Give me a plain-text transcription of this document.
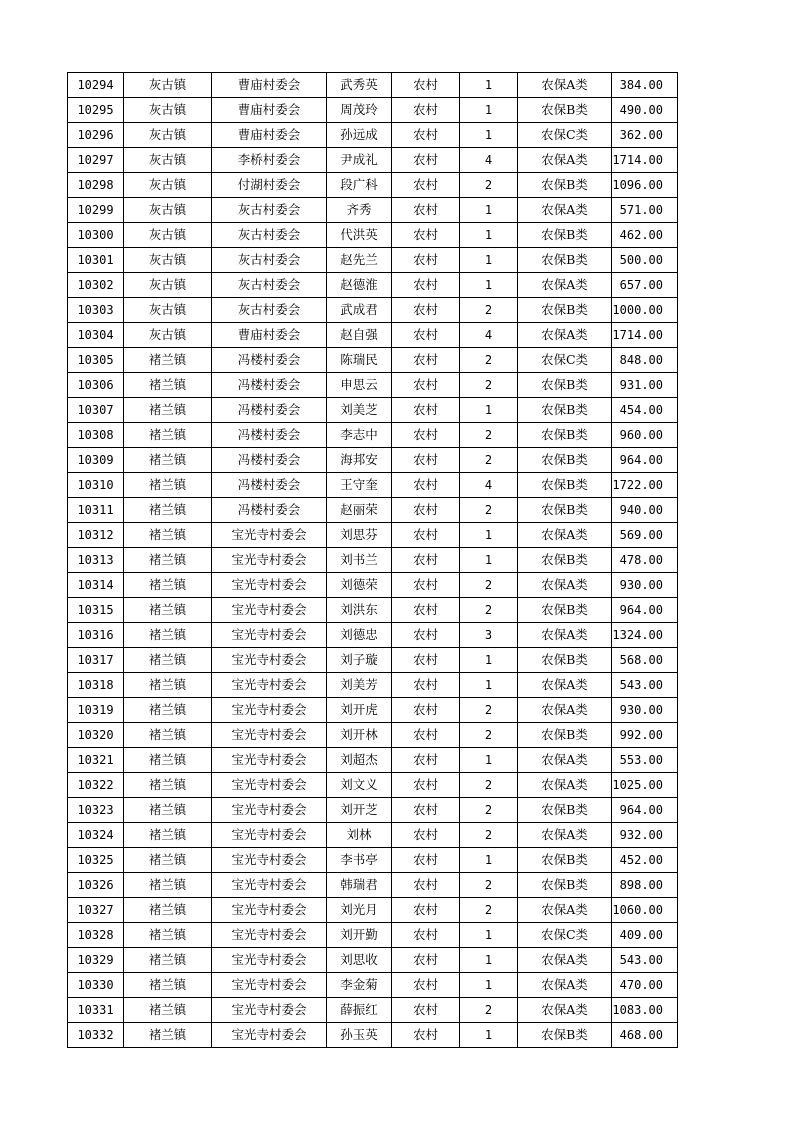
10294	灰古镇	曹庙村委会	武秀英	农村	1	农保A类	384.00
10295	灰古镇	曹庙村委会	周茂玲	农村	1	农保B类	490.00
10296	灰古镇	曹庙村委会	孙远成	农村	1	农保C类	362.00
10297	灰古镇	李桥村委会	尹成礼	农村	4	农保A类	1714.00
10298	灰古镇	付湖村委会	段广科	农村	2	农保B类	1096.00
10299	灰古镇	灰古村委会	齐秀	农村	1	农保A类	571.00
10300	灰古镇	灰古村委会	代洪英	农村	1	农保B类	462.00
10301	灰古镇	灰古村委会	赵先兰	农村	1	农保B类	500.00
10302	灰古镇	灰古村委会	赵德淮	农村	1	农保A类	657.00
10303	灰古镇	灰古村委会	武成君	农村	2	农保B类	1000.00
10304	灰古镇	曹庙村委会	赵自强	农村	4	农保A类	1714.00
10305	褚兰镇	冯楼村委会	陈瑞民	农村	2	农保C类	848.00
10306	褚兰镇	冯楼村委会	申思云	农村	2	农保B类	931.00
10307	褚兰镇	冯楼村委会	刘美芝	农村	1	农保B类	454.00
10308	褚兰镇	冯楼村委会	李志中	农村	2	农保B类	960.00
10309	褚兰镇	冯楼村委会	海邦安	农村	2	农保B类	964.00
10310	褚兰镇	冯楼村委会	王守奎	农村	4	农保B类	1722.00
10311	褚兰镇	冯楼村委会	赵丽荣	农村	2	农保B类	940.00
10312	褚兰镇	宝光寺村委会	刘思芬	农村	1	农保A类	569.00
10313	褚兰镇	宝光寺村委会	刘书兰	农村	1	农保B类	478.00
10314	褚兰镇	宝光寺村委会	刘德荣	农村	2	农保A类	930.00
10315	褚兰镇	宝光寺村委会	刘洪东	农村	2	农保B类	964.00
10316	褚兰镇	宝光寺村委会	刘德忠	农村	3	农保A类	1324.00
10317	褚兰镇	宝光寺村委会	刘子璇	农村	1	农保B类	568.00
10318	褚兰镇	宝光寺村委会	刘美芳	农村	1	农保A类	543.00
10319	褚兰镇	宝光寺村委会	刘开虎	农村	2	农保A类	930.00
10320	褚兰镇	宝光寺村委会	刘开林	农村	2	农保B类	992.00
10321	褚兰镇	宝光寺村委会	刘超杰	农村	1	农保A类	553.00
10322	褚兰镇	宝光寺村委会	刘文义	农村	2	农保A类	1025.00
10323	褚兰镇	宝光寺村委会	刘开芝	农村	2	农保B类	964.00
10324	褚兰镇	宝光寺村委会	刘林	农村	2	农保A类	932.00
10325	褚兰镇	宝光寺村委会	李书亭	农村	1	农保B类	452.00
10326	褚兰镇	宝光寺村委会	韩瑞君	农村	2	农保B类	898.00
10327	褚兰镇	宝光寺村委会	刘光月	农村	2	农保A类	1060.00
10328	褚兰镇	宝光寺村委会	刘开勤	农村	1	农保C类	409.00
10329	褚兰镇	宝光寺村委会	刘思收	农村	1	农保A类	543.00
10330	褚兰镇	宝光寺村委会	李金菊	农村	1	农保A类	470.00
10331	褚兰镇	宝光寺村委会	薛振红	农村	2	农保A类	1083.00
10332	褚兰镇	宝光寺村委会	孙玉英	农村	1	农保B类	468.00
